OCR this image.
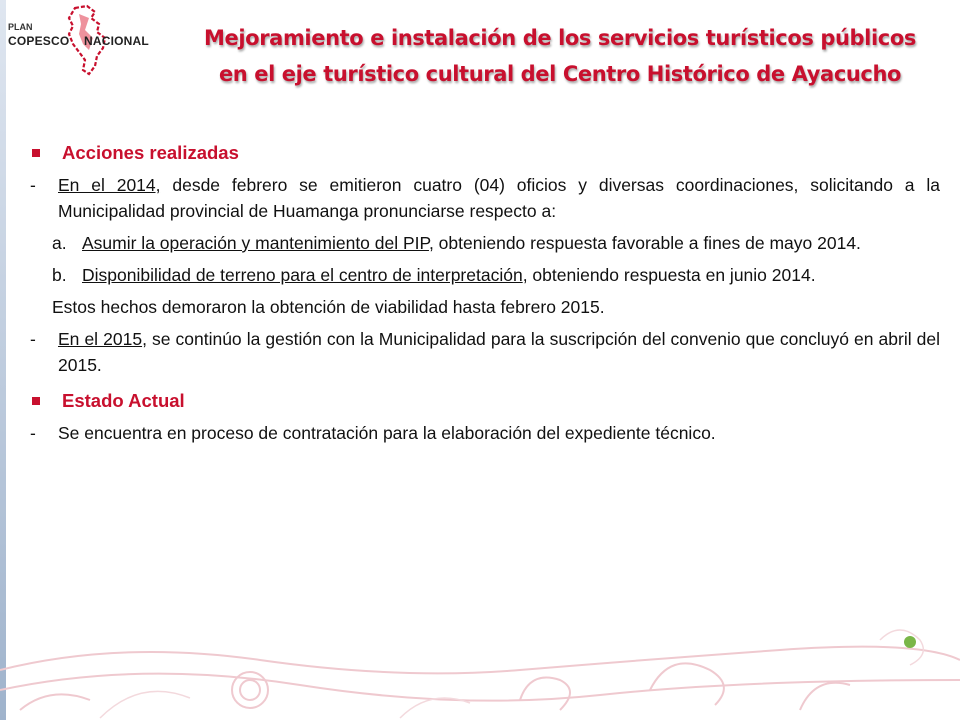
PLAN
COPESCO NACIONAL	Mejoramiento e instalación de los servicios turísticos públicos
en el eje turístico cultural del Centro Histórico de Ayacucho
Acciones realizadas
-	En el 2014, desde febrero se emitieron cuatro (04) oficios y diversas coordinaciones, solicitando a la Municipalidad provincial de Huamanga pronunciarse respecto a:
a. Asumir la operación y mantenimiento del PIP, obteniendo respuesta favorable a fines de mayo 2014.
b. Disponibilidad de terreno para el centro de interpretación, obteniendo respuesta en junio 2014.
Estos hechos demoraron la obtención de viabilidad hasta febrero 2015.
-	En el 2015, se continúo la gestión con la Municipalidad para la suscripción del convenio que concluyó en abril del 2015.
Estado Actual
-	Se encuentra en proceso de contratación para la elaboración del expediente técnico.
